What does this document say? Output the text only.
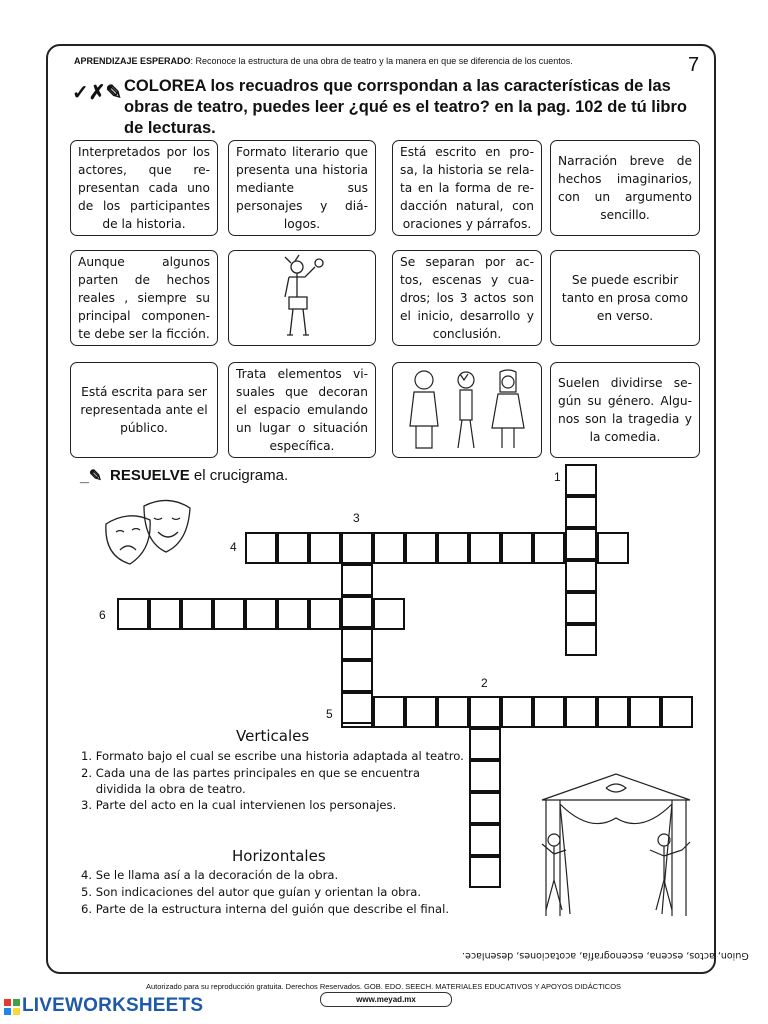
APRENDIZAJE ESPERADO: Reconoce la estructura de una obra de teatro y la manera en que se diferencia de los cuentos.	7
✓✗✎ COLOREA los recuadros que corrspondan a las características de las obras de teatro, puedes leer ¿qué es el teatro? en la pag. 102 de tú libro de lecturas.
Interpretados por los actores, que re-presentan cada uno de los participantes de la historia.
Formato literario que presenta una historia mediante sus personajes y diá-logos.
Está escrito en pro-sa, la historia se rela-ta en la forma de re-dacción natural, con oraciones y párrafos.
Narración breve de hechos imaginarios, con un argumento sencillo.
Aunque algunos parten de hechos reales , siempre su principal componen-te debe ser la ficción.
Se separan por ac-tos, escenas y cua-dros; los 3 actos son el inicio, desarrollo y conclusión.
Se puede escribir tanto en prosa como en verso.
Está escrita para ser representada ante el público.
Trata elementos vi-suales que decoran el espacio emulando un lugar o situación específica.
Suelen dividirse se-gún su género. Algu-nos son la tragedia y la comedia.
_✎ RESUELVE el crucigrama.	1
2
3
4
5
6
Verticales
1. Formato bajo el cual se escribe una historia adaptada al teatro.
2. Cada una de las partes principales en que se encuentra
dividida la obra de teatro.
3. Parte del acto en la cual intervienen los personajes.
Horizontales
4. Se le llama así a la decoración de la obra.
5. Son indicaciones del autor que guían y orientan la obra.
6. Parte de la estructura interna del guión que describe el final.
Guion, actos, escena, escenografía, acotaciones, desenlace.
Autorizado para su reproducción gratuita. Derechos Reservados. GOB. EDO. SEECH. MATERIALES EDUCATIVOS Y APOYOS DIDÁCTICOS
www.meyad.mx
LIVEWORKSHEETS
